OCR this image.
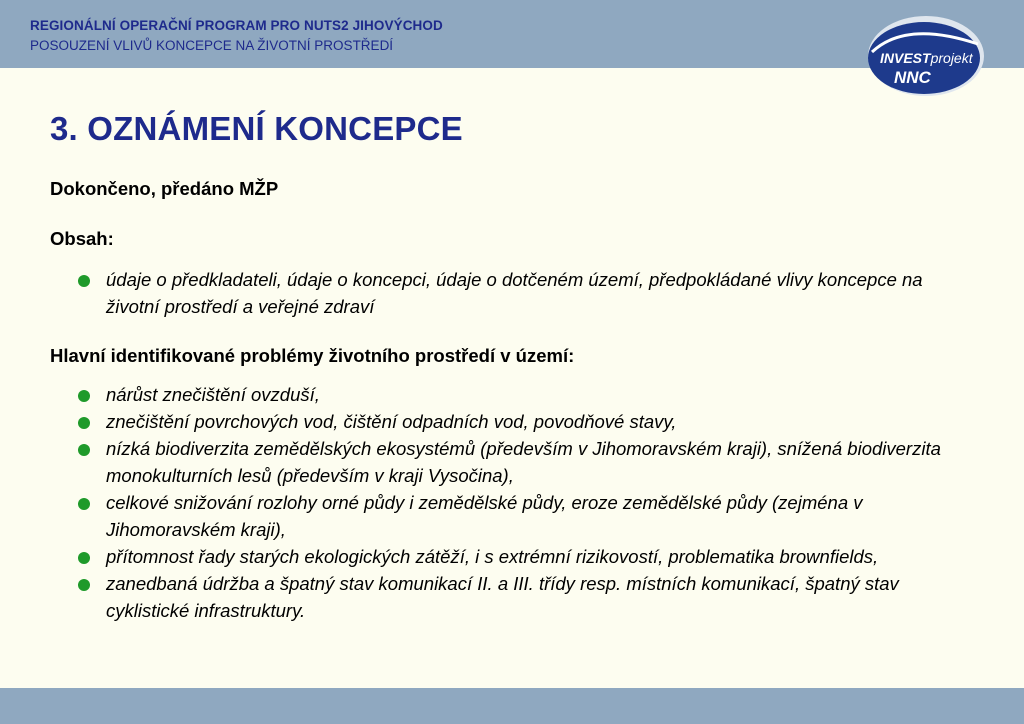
REGIONÁLNÍ OPERAČNÍ PROGRAM PRO NUTS2 JIHOVÝCHOD
POSOUZENÍ VLIVŮ KONCEPCE NA ŽIVOTNÍ PROSTŘEDÍ
INVESTprojekt
NNC
3. OZNÁMENÍ KONCEPCE
Dokončeno, předáno MŽP
Obsah:
údaje o předkladateli, údaje o koncepci, údaje o dotčeném území, předpokládané vlivy koncepce na životní prostředí a veřejné zdraví
Hlavní identifikované problémy životního prostředí v území:
nárůst znečištění ovzduší,
znečištění povrchových vod, čištění odpadních vod, povodňové stavy,
nízká biodiverzita zemědělských ekosystémů (především v Jihomoravském kraji), snížená biodiverzita monokulturních lesů (především v kraji Vysočina),
celkové snižování rozlohy orné půdy i zemědělské půdy, eroze zemědělské půdy (zejména v Jihomoravském kraji),
přítomnost řady starých ekologických zátěží, i s extrémní rizikovostí, problematika brownfields,
zanedbaná údržba a špatný stav komunikací II. a III. třídy resp. místních komunikací, špatný stav cyklistické infrastruktury.
